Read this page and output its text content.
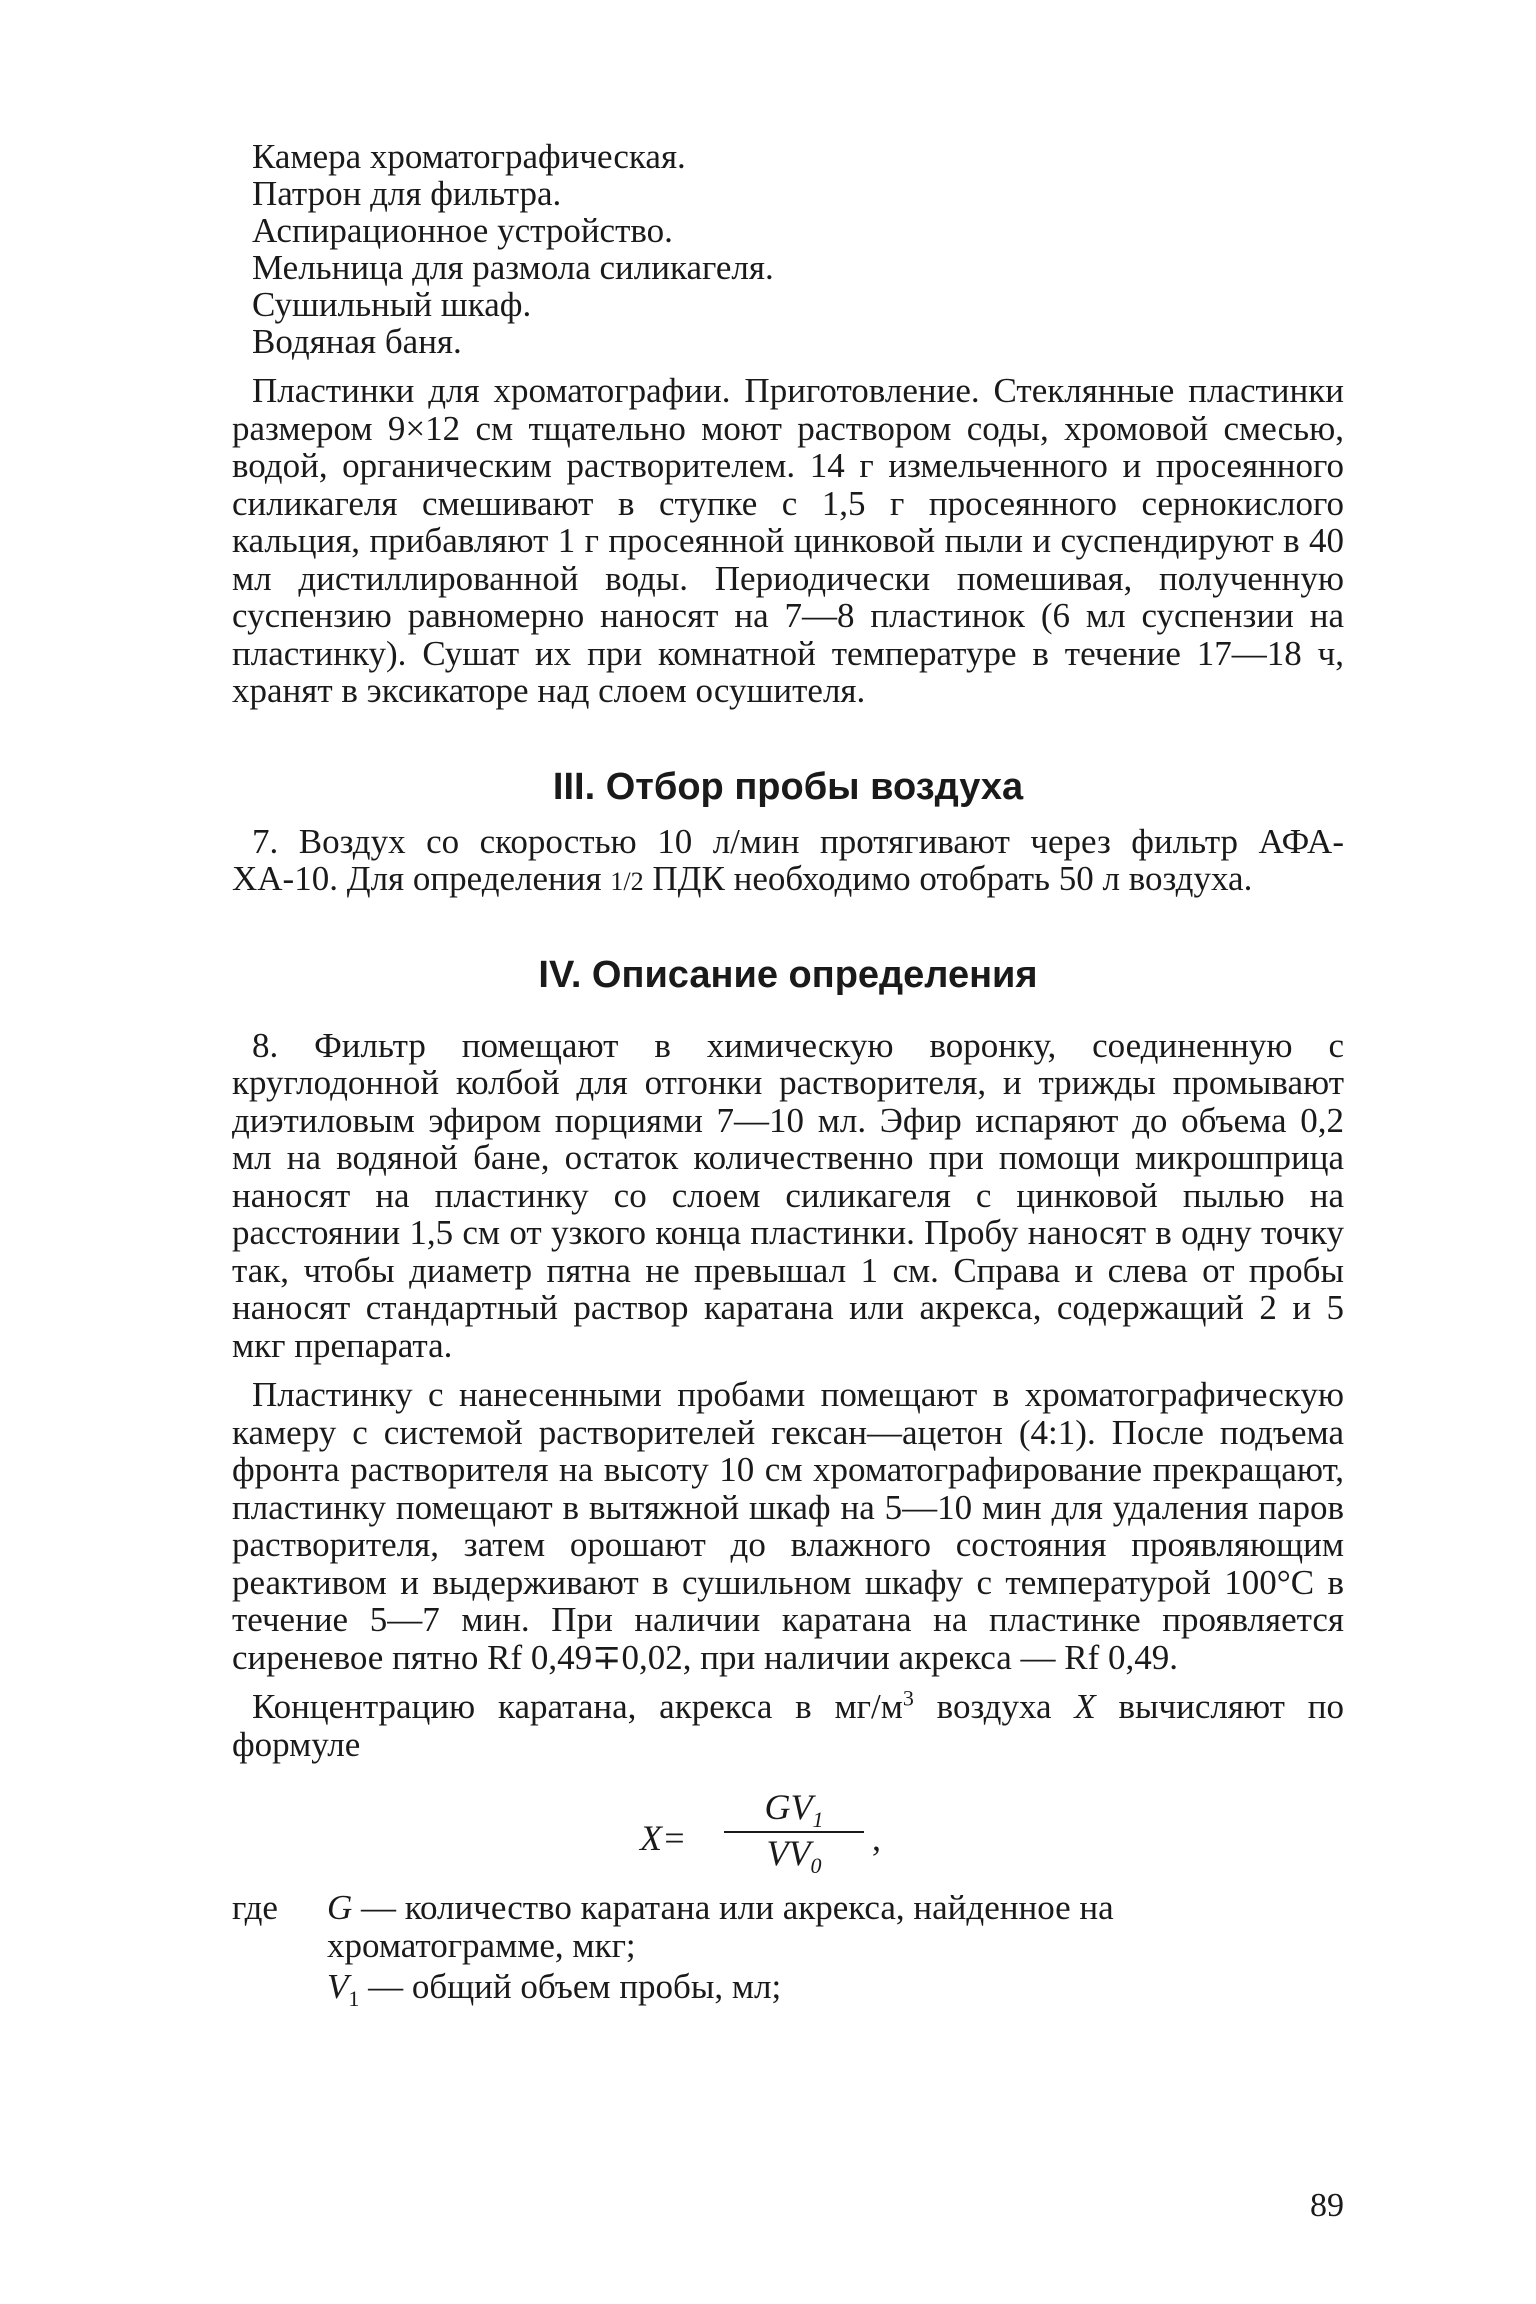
Камера хроматографическая.
Патрон для фильтра.
Аспирационное устройство.
Мельница для размола силикагеля.
Сушильный шкаф.
Водяная баня.

Пластинки для хроматографии. Приготовление. Стеклянные пластинки размером 9×12 см тщательно моют раствором соды, хромовой смесью, водой, органическим растворителем. 14 г измельченного и просеянного силикагеля смешивают в ступке с 1,5 г просеянного сернокислого кальция, прибавляют 1 г просеянной цинковой пыли и суспендируют в 40 мл дистиллированной воды. Периодически помешивая, полученную суспензию равномерно наносят на 7—8 пластинок (6 мл суспензии на пластинку). Сушат их при комнатной температуре в течение 17—18 ч, хранят в эксикаторе над слоем осушителя.

III. Отбор пробы воздуха

7. Воздух со скоростью 10 л/мин протягивают через фильтр АФА-ХА-10. Для определения 1/2 ПДК необходимо отобрать 50 л воздуха.

IV. Описание определения

8. Фильтр помещают в химическую воронку, соединенную с круглодонной колбой для отгонки растворителя, и трижды промывают диэтиловым эфиром порциями 7—10 мл. Эфир испаряют до объема 0,2 мл на водяной бане, остаток количественно при помощи микрошприца наносят на пластинку со слоем силикагеля с цинковой пылью на расстоянии 1,5 см от узкого конца пластинки. Пробу наносят в одну точку так, чтобы диаметр пятна не превышал 1 см. Справа и слева от пробы наносят стандартный раствор каратана или акрекса, содержащий 2 и 5 мкг препарата.

Пластинку с нанесенными пробами помещают в хроматографическую камеру с системой растворителей гексан—ацетон (4:1). После подъема фронта растворителя на высоту 10 см хроматографирование прекращают, пластинку помещают в вытяжной шкаф на 5—10 мин для удаления паров растворителя, затем орошают до влажного состояния проявляющим реактивом и выдерживают в сушильном шкафу с температурой 100°С в течение 5—7 мин. При наличии каратана на пластинке проявляется сиреневое пятно Rf 0,49∓0,02, при наличии акрекса — Rf 0,49.

Концентрацию каратана, акрекса в $мг/м^3$ воздуха X вычисляют по формуле

$X= \frac{GV_1}{VV_0}$ ,
где G — количество каратана или акрекса, найденное на хроматограмме, мкг;
$V_1$ — общий объем пробы, мл;
89
